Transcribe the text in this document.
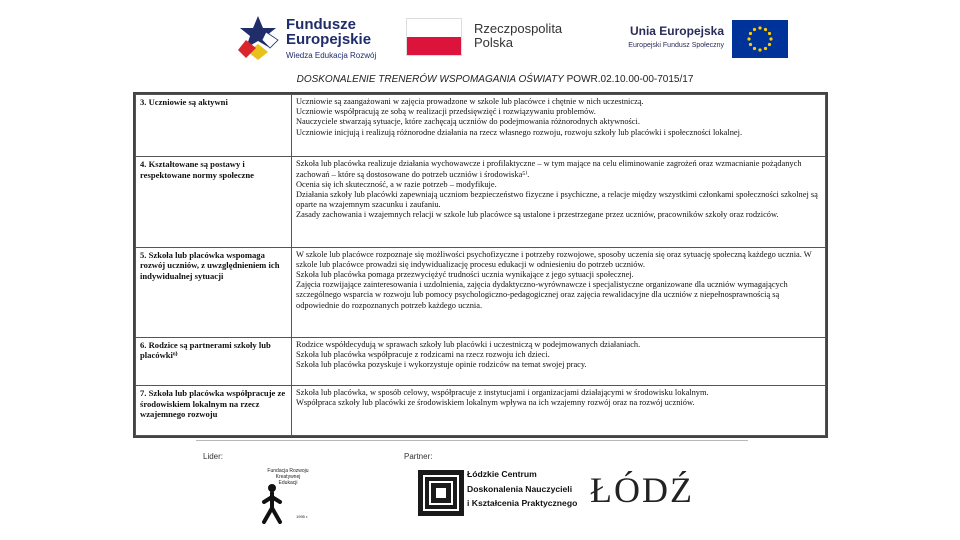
Fundusze
Europejskie
Wiedza Edukacja Rozwój
Rzeczpospolita
Polska
Unia Europejska
Europejski Fundusz Społeczny
DOSKONALENIE TRENERÓW WSPOMAGANIA OŚWIATY POWR.02.10.00-00-7015/17
3. Uczniowie są aktywni	Uczniowie są zaangażowani w zajęcia prowadzone w szkole lub placówce i chętnie w nich uczestniczą.

Uczniowie współpracują ze sobą w realizacji przedsięwzięć i rozwiązywaniu problemów.

Nauczyciele stwarzają sytuacje, które zachęcają uczniów do podejmowania różnorodnych aktywności.

Uczniowie inicjują i realizują różnorodne działania na rzecz własnego rozwoju, rozwoju szkoły lub placówki i społeczności lokalnej.

4. Kształtowane są postawy i respektowane normy społeczne	Szkoła lub placówka realizuje działania wychowawcze i profilaktyczne – w tym mające na celu eliminowanie zagrożeń oraz wzmacnianie pożądanych zachowań – które są dostosowane do potrzeb uczniów i środowiska⁵⁾.

Ocenia się ich skuteczność, a w razie potrzeb – modyfikuje.

Działania szkoły lub placówki zapewniają uczniom bezpieczeństwo fizyczne i psychiczne, a relacje między wszystkimi członkami społeczności szkolnej są oparte na wzajemnym szacunku i zaufaniu.

Zasady zachowania i wzajemnych relacji w szkole lub placówce są ustalone i przestrzegane przez uczniów, pracowników szkoły oraz rodziców.

5. Szkoła lub placówka wspomaga rozwój uczniów, z uwzględnieniem ich indywidualnej sytuacji	W szkole lub placówce rozpoznaje się możliwości psychofizyczne i potrzeby rozwojowe, sposoby uczenia się oraz sytuację społeczną każdego ucznia. W szkole lub placówce prowadzi się indywidualizację procesu edukacji w odniesieniu do potrzeb uczniów.

Szkoła lub placówka pomaga przezwyciężyć trudności ucznia wynikające z jego sytuacji społecznej.

Zajęcia rozwijające zainteresowania i uzdolnienia, zajęcia dydaktyczno-wyrównawcze i specjalistyczne organizowane dla uczniów wymagających szczególnego wsparcia w rozwoju lub pomocy psychologiczno-pedagogicznej oraz zajęcia rewalidacyjne dla uczniów z niepełnosprawnością są odpowiednie do rozpoznanych potrzeb każdego ucznia.

6. Rodzice są partnerami szkoły lub placówki⁶⁾	Rodzice współdecydują w sprawach szkoły lub placówki i uczestniczą w podejmowanych działaniach.

Szkoła lub placówka współpracuje z rodzicami na rzecz rozwoju ich dzieci.

Szkoła lub placówka pozyskuje i wykorzystuje opinie rodziców na temat swojej pracy.

7. Szkoła lub placówka współpracuje ze środowiskiem lokalnym na rzecz wzajemnego rozwoju	Szkoła lub placówka, w sposób celowy, współpracuje z instytucjami i organizacjami działającymi w środowisku lokalnym.

Współpraca szkoły lub placówki ze środowiskiem lokalnym wpływa na ich wzajemny rozwój oraz na rozwój uczniów.

Lider:	Partner:
Fundacja Rozwoju
Kreatywnej Edukacji
1995 r.
Łódzkie Centrum
Doskonalenia Nauczycieli
i Kształcenia Praktycznego ŁÓDŹ
